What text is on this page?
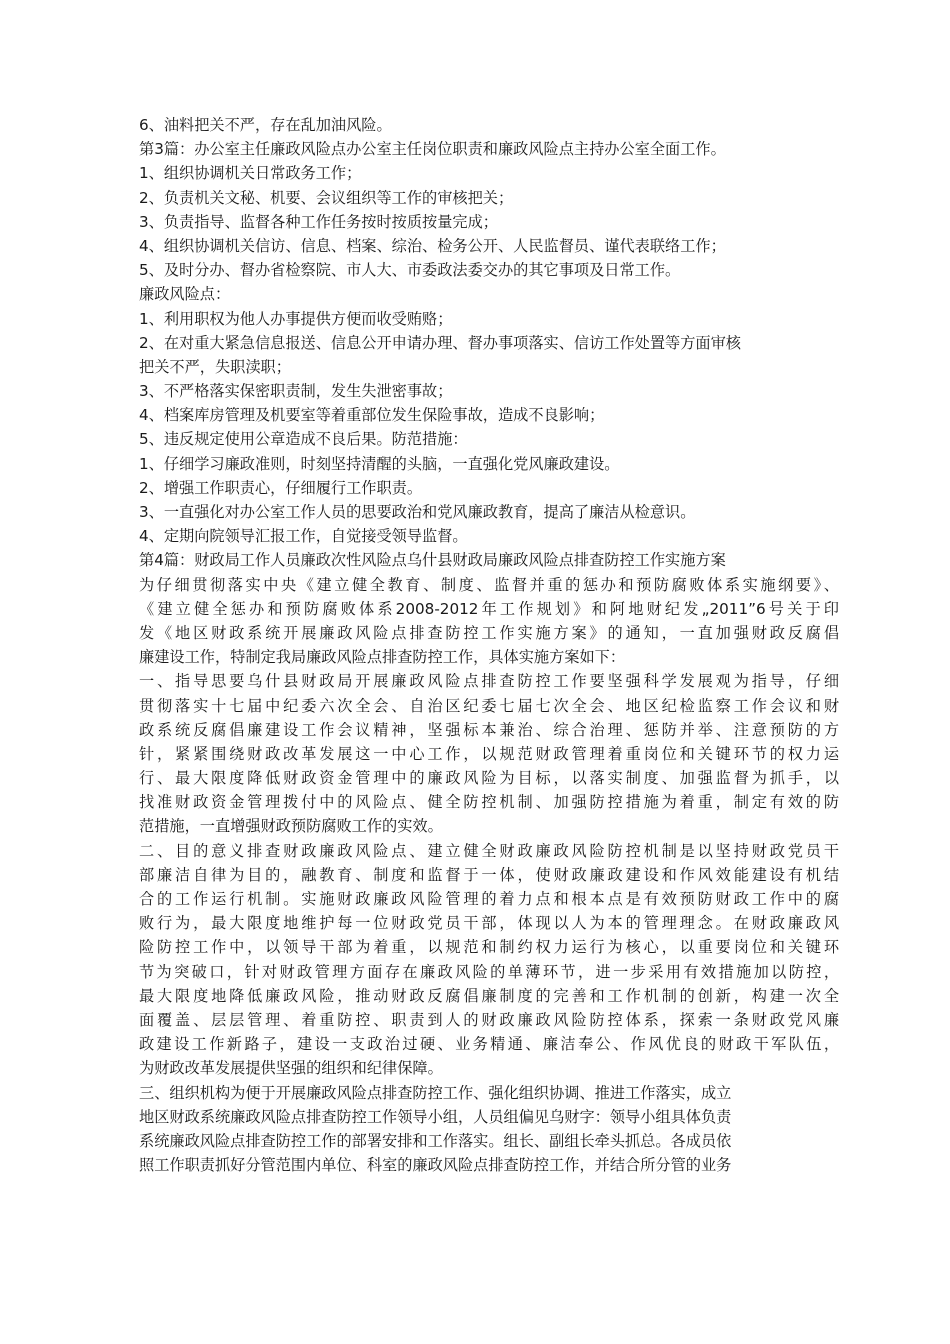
6、油料把关不严，存在乱加油风险。
第3篇：办公室主任廉政风险点办公室主任岗位职责和廉政风险点主持办公室全面工作。
1、组织协调机关日常政务工作；
2、负责机关文秘、机要、会议组织等工作的审核把关；
3、负责指导、监督各种工作任务按时按质按量完成；
4、组织协调机关信访、信息、档案、综治、检务公开、人民监督员、谨代表联络工作；
5、及时分办、督办省检察院、市人大、市委政法委交办的其它事项及日常工作。
廉政风险点：
1、利用职权为他人办事提供方便而收受贿赂；
2、在对重大紧急信息报送、信息公开申请办理、督办事项落实、信访工作处置等方面审核
把关不严，失职渎职；
3、不严格落实保密职责制，发生失泄密事故；
4、档案库房管理及机要室等着重部位发生保险事故，造成不良影响；
5、违反规定使用公章造成不良后果。防范措施：
1、仔细学习廉政准则，时刻坚持清醒的头脑，一直强化党风廉政建设。
2、增强工作职责心，仔细履行工作职责。
3、一直强化对办公室工作人员的思要政治和党风廉政教育，提高了廉洁从检意识。
4、定期向院领导汇报工作，自觉接受领导监督。
第4篇：财政局工作人员廉政次性风险点乌什县财政局廉政风险点排查防控工作实施方案
为仔细贯彻落实中央《建立健全教育、制度、监督并重的惩办和预防腐败体系实施纲要》、
《建立健全惩办和预防腐败体系2008-2012年工作规划》和阿地财纪发„2011”6号关于印
发《地区财政系统开展廉政风险点排查防控工作实施方案》的通知，一直加强财政反腐倡
廉建设工作，特制定我局廉政风险点排查防控工作，具体实施方案如下：
一、指导思要乌什县财政局开展廉政风险点排查防控工作要坚强科学发展观为指导，仔细
贯彻落实十七届中纪委六次全会、自治区纪委七届七次全会、地区纪检监察工作会议和财
政系统反腐倡廉建设工作会议精神，坚强标本兼治、综合治理、惩防并举、注意预防的方
针，紧紧围绕财政改革发展这一中心工作，以规范财政管理着重岗位和关键环节的权力运
行、最大限度降低财政资金管理中的廉政风险为目标，以落实制度、加强监督为抓手，以
找准财政资金管理拨付中的风险点、健全防控机制、加强防控措施为着重，制定有效的防
范措施，一直增强财政预防腐败工作的实效。
二、目的意义排查财政廉政风险点、建立健全财政廉政风险防控机制是以坚持财政党员干
部廉洁自律为目的，融教育、制度和监督于一体，使财政廉政建设和作风效能建设有机结
合的工作运行机制。实施财政廉政风险管理的着力点和根本点是有效预防财政工作中的腐
败行为，最大限度地维护每一位财政党员干部，体现以人为本的管理理念。在财政廉政风
险防控工作中，以领导干部为着重，以规范和制约权力运行为核心，以重要岗位和关键环
节为突破口，针对财政管理方面存在廉政风险的单薄环节，进一步采用有效措施加以防控，
最大限度地降低廉政风险，推动财政反腐倡廉制度的完善和工作机制的创新，构建一次全
面覆盖、层层管理、着重防控、职责到人的财政廉政风险防控体系，探索一条财政党风廉
政建设工作新路子，建设一支政治过硬、业务精通、廉洁奉公、作风优良的财政干军队伍，
为财政改革发展提供坚强的组织和纪律保障。
三、组织机构为便于开展廉政风险点排查防控工作、强化组织协调、推进工作落实，成立
地区财政系统廉政风险点排查防控工作领导小组，人员组偏见乌财字：领导小组具体负责
系统廉政风险点排查防控工作的部署安排和工作落实。组长、副组长牵头抓总。各成员依
照工作职责抓好分管范围内单位、科室的廉政风险点排查防控工作，并结合所分管的业务
